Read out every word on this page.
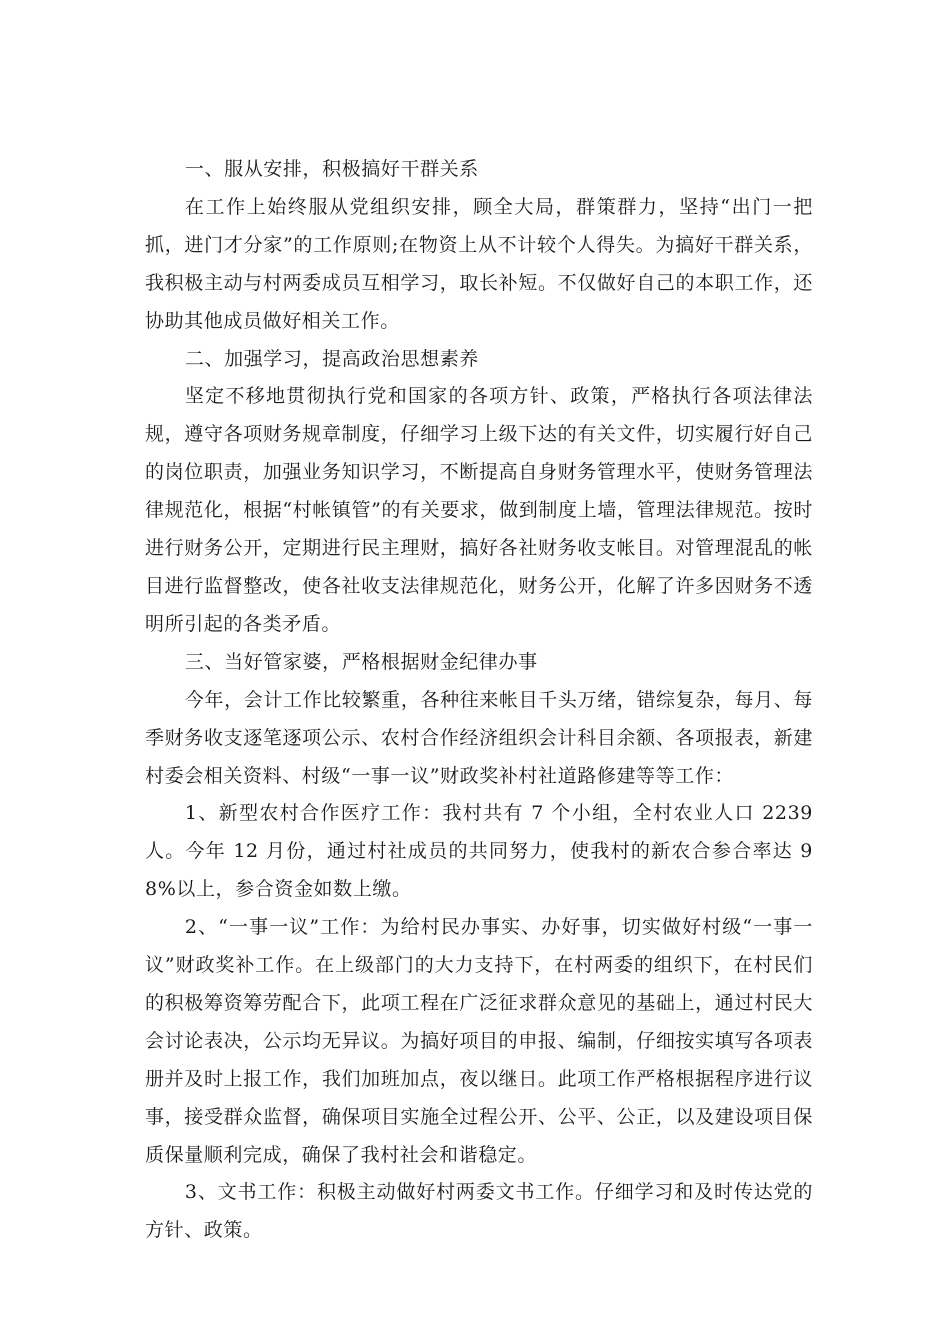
一、服从安排，积极搞好干群关系

在工作上始终服从党组织安排，顾全大局，群策群力，坚持“出门一把抓，进门才分家”的工作原则;在物资上从不计较个人得失。为搞好干群关系，我积极主动与村两委成员互相学习，取长补短。不仅做好自己的本职工作，还协助其他成员做好相关工作。

二、加强学习，提高政治思想素养

坚定不移地贯彻执行党和国家的各项方针、政策，严格执行各项法律法规，遵守各项财务规章制度，仔细学习上级下达的有关文件，切实履行好自己的岗位职责，加强业务知识学习，不断提高自身财务管理水平，使财务管理法律规范化，根据“村帐镇管”的有关要求，做到制度上墙，管理法律规范。按时进行财务公开，定期进行民主理财，搞好各社财务收支帐目。对管理混乱的帐目进行监督整改，使各社收支法律规范化，财务公开，化解了许多因财务不透明所引起的各类矛盾。

三、当好管家婆，严格根据财金纪律办事

今年，会计工作比较繁重，各种往来帐目千头万绪，错综复杂，每月、每季财务收支逐笔逐项公示、农村合作经济组织会计科目余额、各项报表，新建村委会相关资料、村级“一事一议”财政奖补村社道路修建等等工作：

1、新型农村合作医疗工作：我村共有 7 个小组，全村农业人口 2239 人。今年 12 月份，通过村社成员的共同努力，使我村的新农合参合率达 98%以上，参合资金如数上缴。

2、“一事一议”工作：为给村民办事实、办好事，切实做好村级“一事一议”财政奖补工作。在上级部门的大力支持下，在村两委的组织下，在村民们的积极筹资筹劳配合下，此项工程在广泛征求群众意见的基础上，通过村民大会讨论表决，公示均无异议。为搞好项目的申报、编制，仔细按实填写各项表册并及时上报工作，我们加班加点，夜以继日。此项工作严格根据程序进行议事，接受群众监督，确保项目实施全过程公开、公平、公正，以及建设项目保质保量顺利完成，确保了我村社会和谐稳定。

3、文书工作：积极主动做好村两委文书工作。仔细学习和及时传达党的方针、政策。
